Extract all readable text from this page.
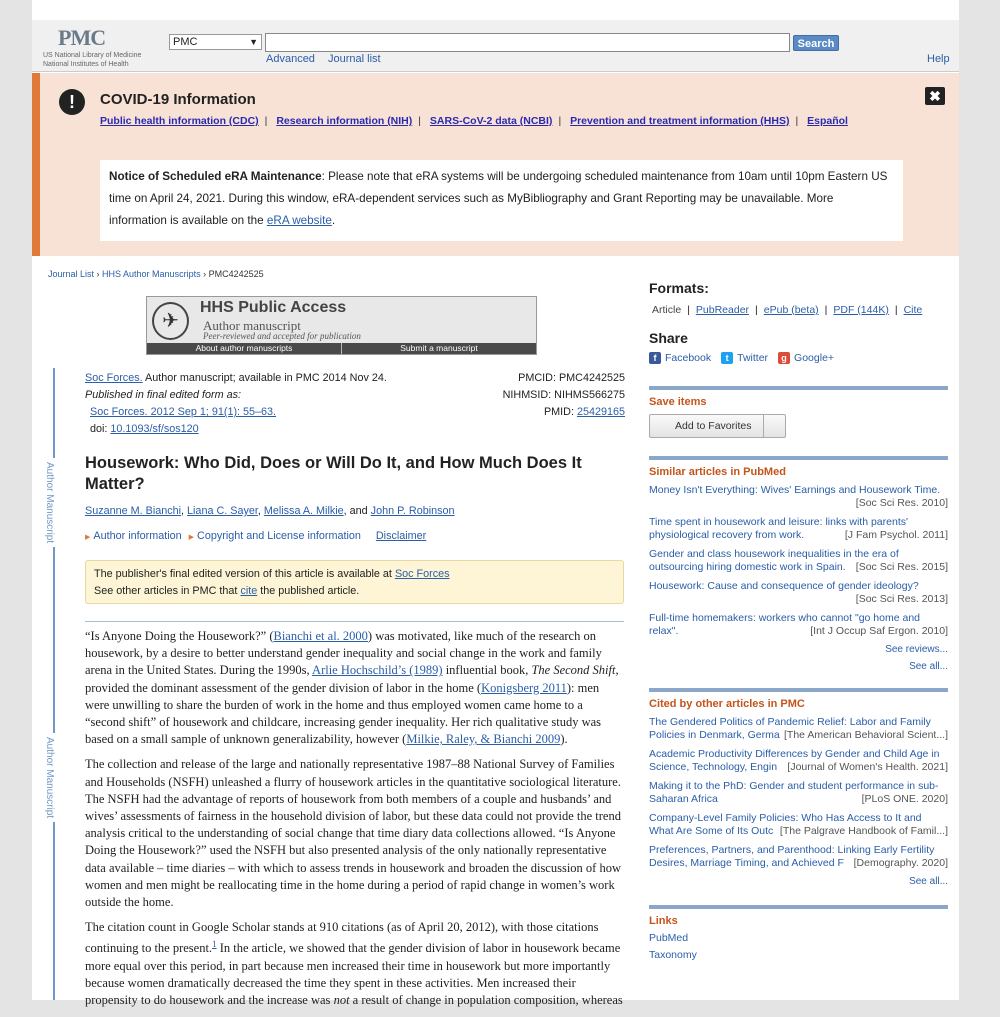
PMC
US National Library of Medicine
National Institutes of Health
PMC	▼	Search
Advanced Journal list	Help
!	COVID-19 Information
Public health information (CDC) | Research information (NIH) | SARS-CoV-2 data (NCBI) | Prevention and treatment information (HHS) | Español
✖
Notice of Scheduled eRA Maintenance: Please note that eRA systems will be undergoing scheduled maintenance from 10am until 10pm Eastern US time on April 24, 2021. During this window, eRA-dependent services such as MyBibliography and Grant Reporting may be unavailable. More information is available on the eRA website.
Journal List › HHS Author Manuscripts › PMC4242525
✈
HHS Public Access
Author manuscript
Peer-reviewed and accepted for publication
About author manuscripts	Submit a manuscript
Author Manuscript
Author Manuscript
Soc Forces. Author manuscript; available in PMC 2014 Nov 24.
Published in final edited form as:
Soc Forces. 2012 Sep 1; 91(1): 55–63.
doi: 10.1093/sf/sos120
PMCID: PMC4242525
NIHMSID: NIHMS566275
PMID: 25429165
Housework: Who Did, Does or Will Do It, and How Much Does It Matter?
Suzanne M. Bianchi, Liana C. Sayer, Melissa A. Milkie, and John P. Robinson
▶ Author information ▶ Copyright and License information Disclaimer
The publisher's final edited version of this article is available at Soc Forces
See other articles in PMC that cite the published article.

“Is Anyone Doing the Housework?” (Bianchi et al. 2000) was motivated, like much of the research on housework, by a desire to better understand gender inequality and social change in the work and family arena in the United States. During the 1990s, Arlie Hochschild’s (1989) influential book, The Second Shift, provided the dominant assessment of the gender division of labor in the home (Konigsberg 2011): men were unwilling to share the burden of work in the home and thus employed women came home to a “second shift” of housework and childcare, increasing gender inequality. Her rich qualitative study was based on a small sample of unknown generalizability, however (Milkie, Raley, & Bianchi 2009).

The collection and release of the large and nationally representative 1987–88 National Survey of Families and Households (NSFH) unleashed a flurry of housework articles in the quantitative sociological literature. The NSFH had the advantage of reports of housework from both members of a couple and husbands’ and wives’ assessments of fairness in the household division of labor, but these data could not provide the trend analysis critical to the understanding of social change that time diary data collections allowed. “Is Anyone Doing the Housework?” used the NSFH but also presented analysis of the only nationally representative data available – time diaries – with which to assess trends in housework and broaden the discussion of how women and men might be reallocating time in the home during a period of rapid change in women’s work outside the home.

The citation count in Google Scholar stands at 910 citations (as of April 20, 2012), with those citations continuing to the present.$^1$ In the article, we showed that the gender division of labor in housework became more equal over this period, in part because men increased their time in housework but more importantly because women dramatically decreased the time they spent in these activities. Men increased their propensity to do housework and the increase was not a result of change in population composition, whereas

Formats:
Article | PubReader | ePub (beta) | PDF (144K) | Cite
Share
f Facebook	t Twitter	g Google+
Save items
Add to Favorites
Similar articles in PubMed
Money Isn't Everything: Wives' Earnings and Housework Time.
[Soc Sci Res. 2010]
Time spent in housework and leisure: links with parents' physiological recovery from work.	[J Fam Psychol. 2011]
Gender and class housework inequalities in the era of outsourcing hiring domestic work in Spain. [Soc Sci Res. 2015]
Housework: Cause and consequence of gender ideology?
[Soc Sci Res. 2013]
Full-time homemakers: workers who cannot "go home and relax".	[Int J Occup Saf Ergon. 2010]
See reviews...
See all...
Cited by other articles in PMC
The Gendered Politics of Pandemic Relief: Labor and Family Policies in Denmark, Germa [The American Behavioral Scient...]
Academic Productivity Differences by Gender and Child Age in Science, Technology, Engin [Journal of Women's Health. 2021]
Making it to the PhD: Gender and student performance in sub-Saharan Africa	[PLoS ONE. 2020]
Company-Level Family Policies: Who Has Access to It and What Are Some of Its Outc [The Palgrave Handbook of Famil...]
Preferences, Partners, and Parenthood: Linking Early Fertility Desires, Marriage Timing, and Achieved F [Demography. 2020]
See all...
Links
PubMed
Taxonomy
